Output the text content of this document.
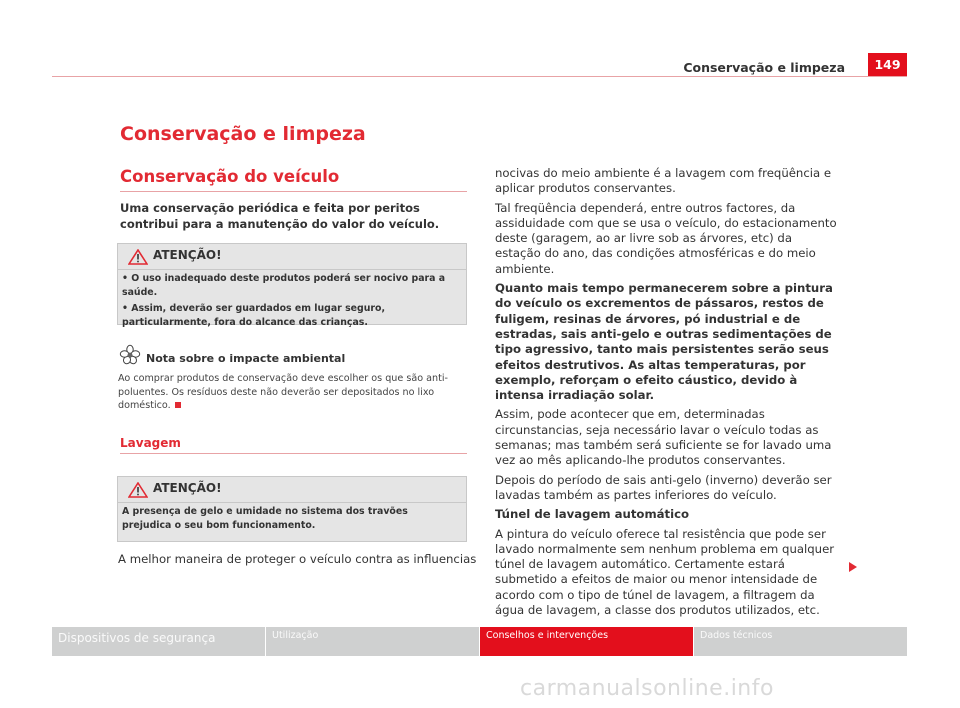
Conservação e limpeza	149
Conservação e limpeza
Conservação do veículo
Uma conservação periódica e feita por peritos contribui para a manutenção do valor do veículo.
ATENÇÃO!

• O uso inadequado deste produtos poderá ser nocivo para a saúde.

• Assim, deverão ser guardados em lugar seguro, particularmente, fora do alcance das crianças.

Nota sobre o impacte ambiental
Ao comprar produtos de conservação deve escolher os que são anti-poluentes. Os resíduos deste não deverão ser depositados no lixo doméstico.
Lavagem
ATENÇÃO!

A presença de gelo e umidade no sistema dos travões prejudica o seu bom funcionamento.

A melhor maneira de proteger o veículo contra as influencias

nocivas do meio ambiente é a lavagem com freqüência e aplicar produtos conservantes.

Tal freqüência dependerá, entre outros factores, da assiduidade com que se usa o veículo, do estacionamento deste (garagem, ao ar livre sob as árvores, etc) da estação do ano, das condições atmosféricas e do meio ambiente.

Quanto mais tempo permanecerem sobre a pintura do veículo os excrementos de pássaros, restos de fuligem, resinas de árvores, pó industrial e de estradas, sais anti-gelo e outras sedimentações de tipo agressivo, tanto mais persistentes serão seus efeitos destrutivos. As altas temperaturas, por exemplo, reforçam o efeito cáustico, devido à intensa irradiação solar.

Assim, pode acontecer que em, determinadas circunstancias, seja necessário lavar o veículo todas as semanas; mas também será suficiente se for lavado uma vez ao mês aplicando-lhe produtos conservantes.

Depois do período de sais anti-gelo (inverno) deverão ser lavadas também as partes inferiores do veículo.

Túnel de lavagem automático

A pintura do veículo oferece tal resistência que pode ser lavado normalmente sem nenhum problema em qualquer túnel de lavagem automático. Certamente estará submetido a efeitos de maior ou menor intensidade de acordo com o tipo de túnel de lavagem, a filtragem da água de lavagem, a classe dos produtos utilizados, etc.

Dispositivos de segurança	Utilização	Conselhos e intervenções	Dados técnicos
carmanualsonline.info
